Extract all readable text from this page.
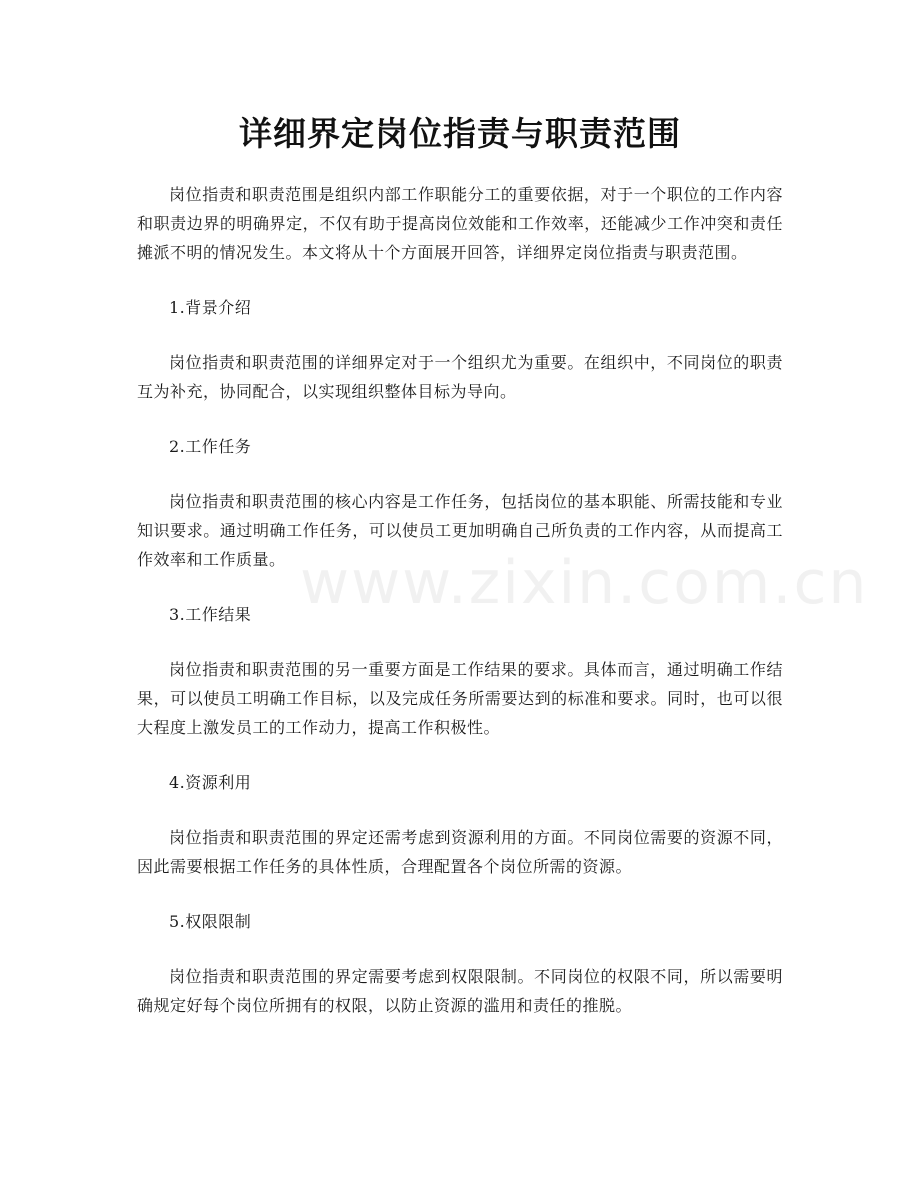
www.zixin.com.cn
详细界定岗位指责与职责范围

岗位指责和职责范围是组织内部工作职能分工的重要依据，对于一个职位的工作内容和职责边界的明确界定，不仅有助于提高岗位效能和工作效率，还能减少工作冲突和责任摊派不明的情况发生。本文将从十个方面展开回答，详细界定岗位指责与职责范围。

1.背景介绍

岗位指责和职责范围的详细界定对于一个组织尤为重要。在组织中，不同岗位的职责互为补充，协同配合，以实现组织整体目标为导向。

2.工作任务

岗位指责和职责范围的核心内容是工作任务，包括岗位的基本职能、所需技能和专业知识要求。通过明确工作任务，可以使员工更加明确自己所负责的工作内容，从而提高工作效率和工作质量。

3.工作结果

岗位指责和职责范围的另一重要方面是工作结果的要求。具体而言，通过明确工作结果，可以使员工明确工作目标，以及完成任务所需要达到的标准和要求。同时，也可以很大程度上激发员工的工作动力，提高工作积极性。

4.资源利用

岗位指责和职责范围的界定还需考虑到资源利用的方面。不同岗位需要的资源不同，因此需要根据工作任务的具体性质，合理配置各个岗位所需的资源。

5.权限限制

岗位指责和职责范围的界定需要考虑到权限限制。不同岗位的权限不同，所以需要明确规定好每个岗位所拥有的权限，以防止资源的滥用和责任的推脱。
